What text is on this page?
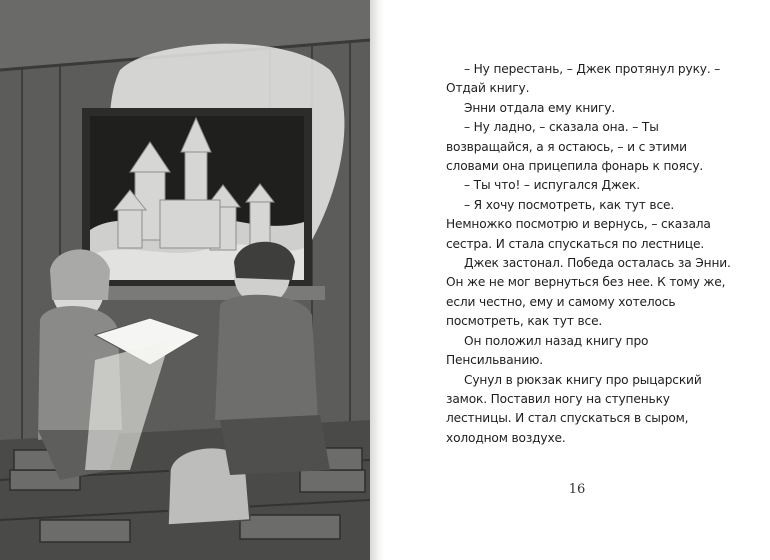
– Ну перестань, – Джек протянул руку. – Отдай книгу.

Энни отдала ему книгу.

– Ну ладно, – сказала она. – Ты возвращайся, а я остаюсь, – и с этими словами она прицепила фонарь к поясу.

– Ты что! – испугался Джек.

– Я хочу посмотреть, как тут все. Немножко посмотрю и вернусь, – сказала сестра. И стала спускаться по лестнице.

Джек застонал. Победа осталась за Энни. Он же не мог вернуться без нее. К тому же, если честно, ему и самому хотелось посмотреть, как тут все.

Он положил назад книгу про Пенсильванию.

Сунул в рюкзак книгу про рыцарский замок. Поставил ногу на ступеньку лестницы. И стал спускаться в сыром, холодном воздухе.

16
